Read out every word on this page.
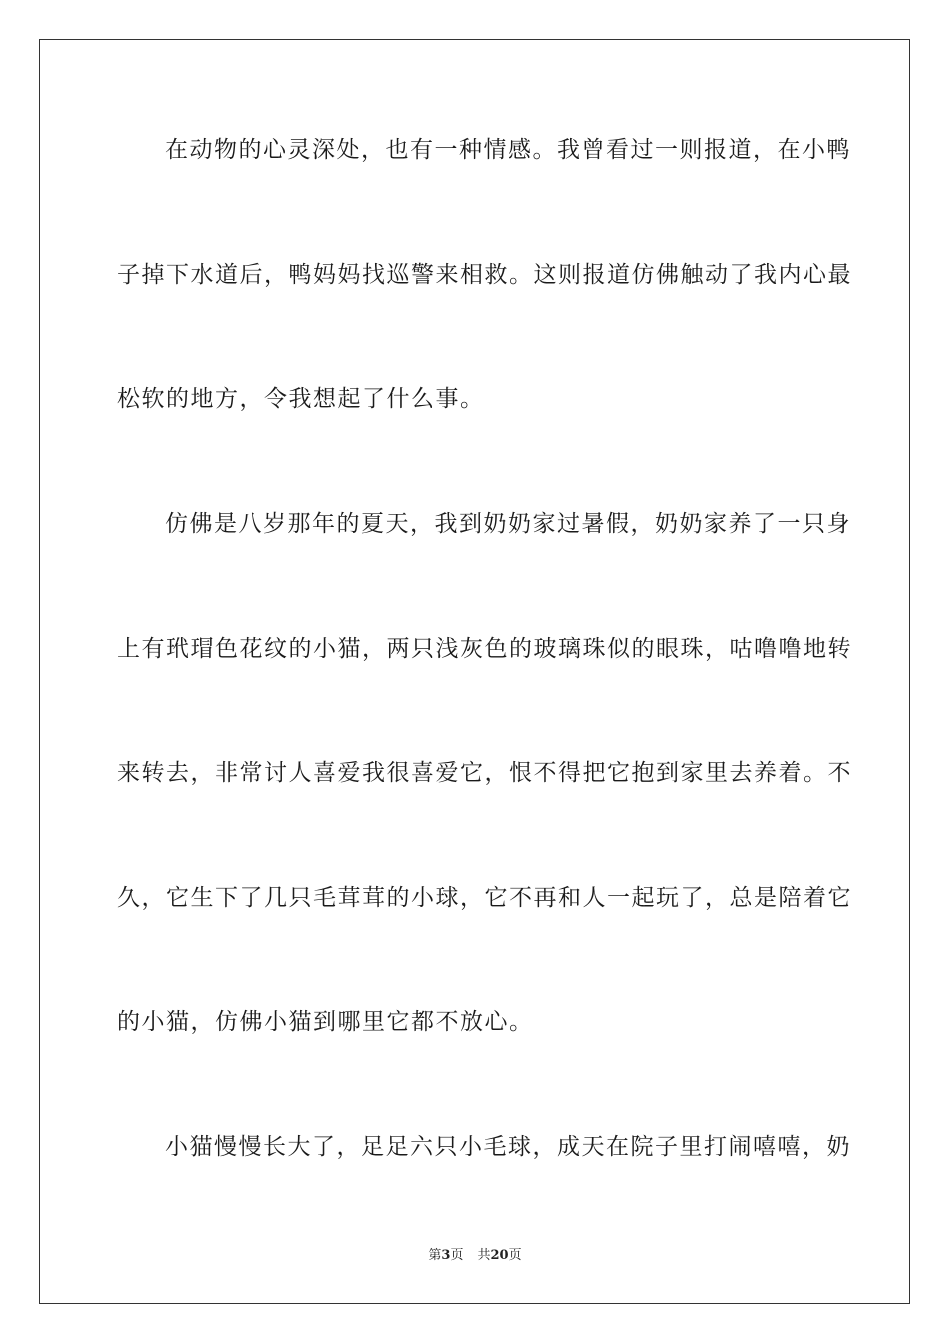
在动物的心灵深处，也有一种情感。我曾看过一则报道，在小鸭
子掉下水道后，鸭妈妈找巡警来相救。这则报道仿佛触动了我内心最
松软的地方，令我想起了什么事。
仿佛是八岁那年的夏天，我到奶奶家过暑假，奶奶家养了一只身
上有玳瑁色花纹的小猫，两只浅灰色的玻璃珠似的眼珠，咕噜噜地转
来转去，非常讨人喜爱我很喜爱它，恨不得把它抱到家里去养着。不
久，它生下了几只毛茸茸的小球，它不再和人一起玩了，总是陪着它
的小猫，仿佛小猫到哪里它都不放心。
小猫慢慢长大了，足足六只小毛球，成天在院子里打闹嘻嘻，奶
第3页 共20页
